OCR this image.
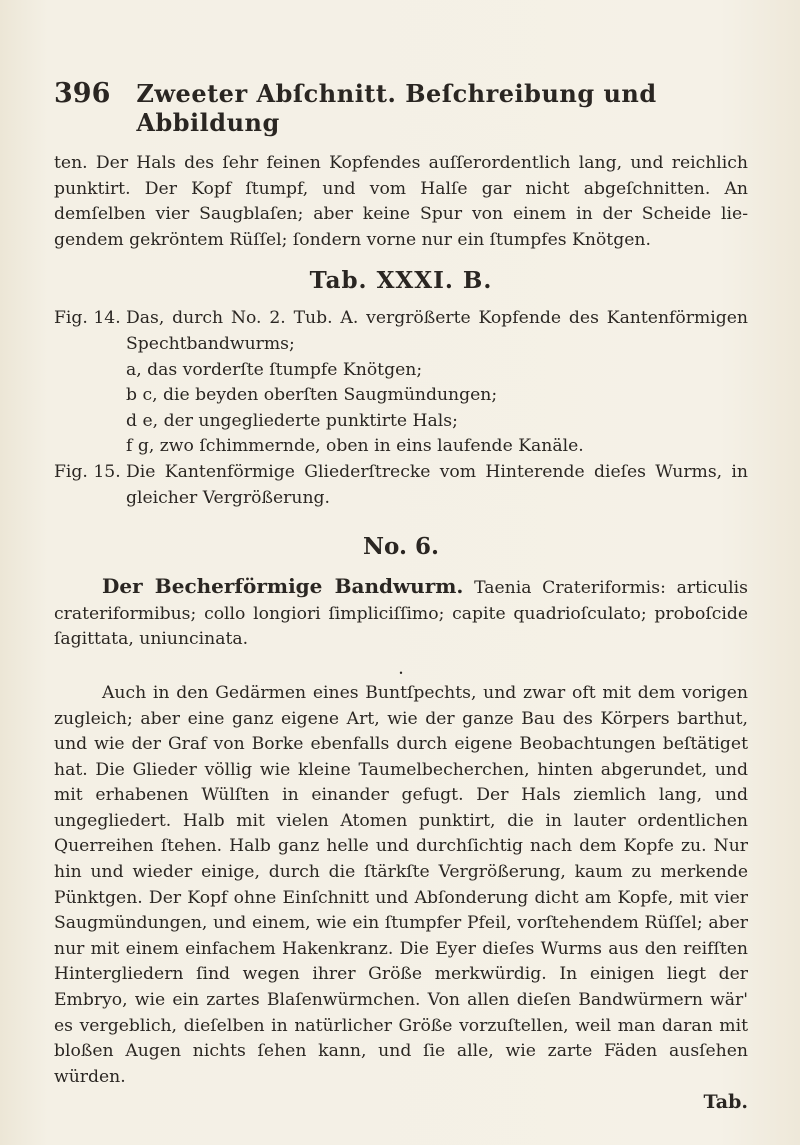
396 Zweeter Abſchnitt. Beſchreibung und Abbildung

ten. Der Hals des ſehr feinen Kopfendes auſſerordentlich lang, und reichlich punktirt. Der Kopf ſtumpf, und vom Halſe gar nicht abgeſchnitten. An demſelben vier Saugblaſen; aber keine Spur von einem in der Scheide liegendem gekröntem Rüſſel; ſondern vorne nur ein ſtumpfes Knötgen.

Tab. XXXI. B.
Fig. 14. Das, durch No. 2. Tub. A. vergrößerte Kopfende des Kantenförmigen Spechtbandwurms;
a, das vorderſte ſtumpfe Knötgen;
b c, die beyden oberſten Saugmündungen;
d e, der ungegliederte punktirte Hals;
f g, zwo ſchimmernde, oben in eins laufende Kanäle.
Fig. 15. Die Kantenförmige Gliederſtrecke vom Hinterende dieſes Wurms, in gleicher Vergrößerung.
No. 6.

Der Becherförmige Bandwurm. Taenia Crateriformis: articulis crateriformibus; collo longiori ſimpliciſſimo; capite quadrioſculato; proboſcide ſagittata, uniuncinata.

•

Auch in den Gedärmen eines Buntſpechts, und zwar oft mit dem vorigen zugleich; aber eine ganz eigene Art, wie der ganze Bau des Körpers barthut, und wie der Graf von Borke ebenfalls durch eigene Beobachtungen beſtätiget hat. Die Glieder völlig wie kleine Taumelbecherchen, hinten abgerundet, und mit erhabenen Wülſten in einander gefugt. Der Hals ziemlich lang, und ungegliedert. Halb mit vielen Atomen punktirt, die in lauter ordentlichen Querreihen ſtehen. Halb ganz helle und durchſichtig nach dem Kopfe zu. Nur hin und wieder einige, durch die ſtärkſte Vergrößerung, kaum zu merkende Pünktgen. Der Kopf ohne Einſchnitt und Abſonderung dicht am Kopfe, mit vier Saugmündungen, und einem, wie ein ſtumpfer Pfeil, vorſtehendem Rüſſel; aber nur mit einem einfachem Hakenkranz. Die Eyer dieſes Wurms aus den reifſten Hintergliedern ſind wegen ihrer Größe merkwürdig. In einigen liegt der Embryo, wie ein zartes Blaſenwürmchen. Von allen dieſen Bandwürmern wär' es vergeblich, dieſelben in natürlicher Größe vorzuſtellen, weil man daran mit bloßen Augen nichts ſehen kann, und ſie alle, wie zarte Fäden ausſehen würden.

Tab.
